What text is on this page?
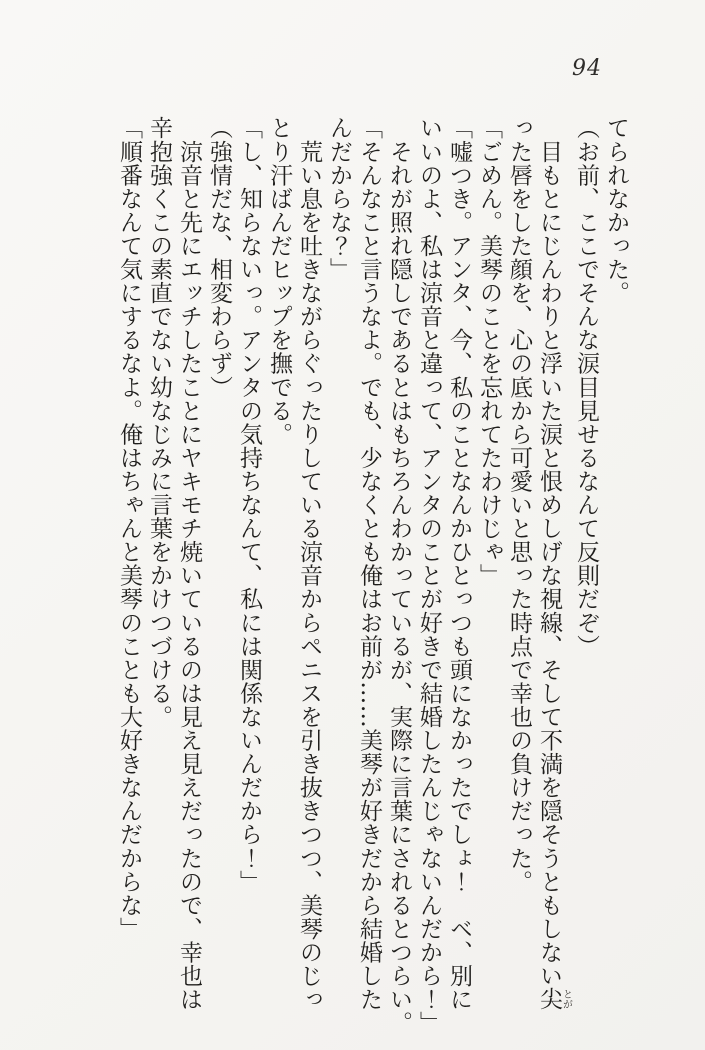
94

てられなかった。

（お前、ここでそんな涙目見せるなんて反則だぞ）

　目もとにじんわりと浮いた涙と恨めしげな視線、そして不満を隠そうともしない尖とが

った唇をした顔を、心の底から可愛いと思った時点で幸也の負けだった。

「ごめん。美琴のことを忘れてたわけじゃ」

「嘘つき。アンタ、今、私のことなんかひとっつも頭になかったでしょ！　ベ、別に

いいのよ、私は涼音と違って、アンタのことが好きで結婚したんじゃないんだから！」

　それが照れ隠しであるとはもちろんわかっているが、実際に言葉にされるとつらい。

「そんなこと言うなよ。でも、少なくとも俺はお前が……美琴が好きだから結婚した

んだからな？」

　荒い息を吐きながらぐったりしている涼音からペニスを引き抜きつつ、美琴のじっ

とり汗ばんだヒップを撫でる。

「し、知らないっ。アンタの気持ちなんて、私には関係ないんだから！」

（強情だな、相変わらず）

　涼音と先にエッチしたことにヤキモチ焼いているのは見え見えだったので、幸也は

辛抱強くこの素直でない幼なじみに言葉をかけつづける。

「順番なんて気にするなよ。俺はちゃんと美琴のことも大好きなんだからな」
